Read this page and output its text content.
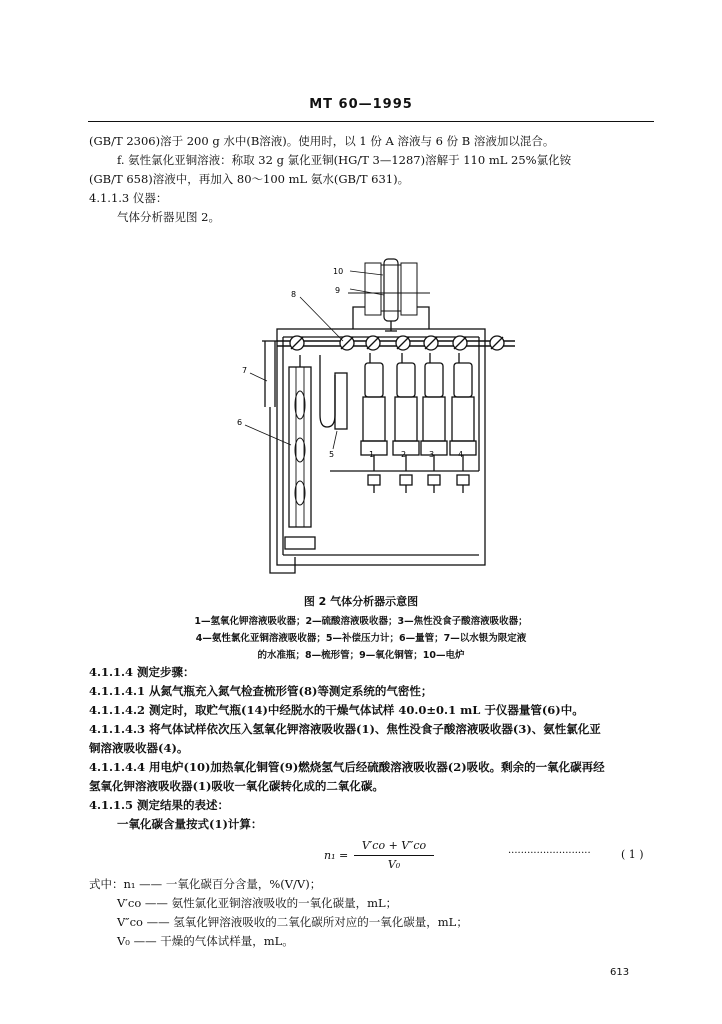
MT 60—1995
(GB/T 2306)溶于 200 g 水中(B溶液)。使用时，以 1 份 A 溶液与 6 份 B 溶液加以混合。
f. 氨性氯化亚铜溶液：称取 32 g 氯化亚铜(HG/T 3—1287)溶解于 110 mL 25%氯化铵
(GB/T 658)溶液中，再加入 80～100 mL 氨水(GB/T 631)。
4.1.1.3 仪器：
气体分析器见图 2。
10
9
8
7
6
5	1	2	3	4
图 2 气体分析器示意图
1—氢氧化钾溶液吸收器；2—硫酸溶液吸收器；3—焦性没食子酸溶液吸收器；
4—氨性氯化亚铜溶液吸收器；5—补偿压力计；6—量管；7—以水银为限定液
的水准瓶；8—梳形管；9—氧化铜管；10—电炉
4.1.1.4 测定步骤：
4.1.1.4.1 从氮气瓶充入氮气检查梳形管(8)等测定系统的气密性；
4.1.1.4.2 测定时，取贮气瓶(14)中经脱水的干燥气体试样 40.0±0.1 mL 于仪器量管(6)中。
4.1.1.4.3 将气体试样依次压入氢氧化钾溶液吸收器(1)、焦性没食子酸溶液吸收器(3)、氨性氯化亚
铜溶液吸收器(4)。
4.1.1.4.4 用电炉(10)加热氧化铜管(9)燃烧氢气后经硫酸溶液吸收器(2)吸收。剩余的一氧化碳再经
氢氧化钾溶液吸收器(1)吸收一氧化碳转化成的二氧化碳。
4.1.1.5 测定结果的表述：
一氧化碳含量按式(1)计算：
n₁ =
V′co + V″co
V₀
··························	( 1 )
式中：n₁ —— 一氧化碳百分含量，%(V/V)；
V′co —— 氨性氯化亚铜溶液吸收的一氧化碳量，mL；
V″co —— 氢氧化钾溶液吸收的二氧化碳所对应的一氧化碳量，mL；
V₀ —— 干燥的气体试样量，mL。
613
